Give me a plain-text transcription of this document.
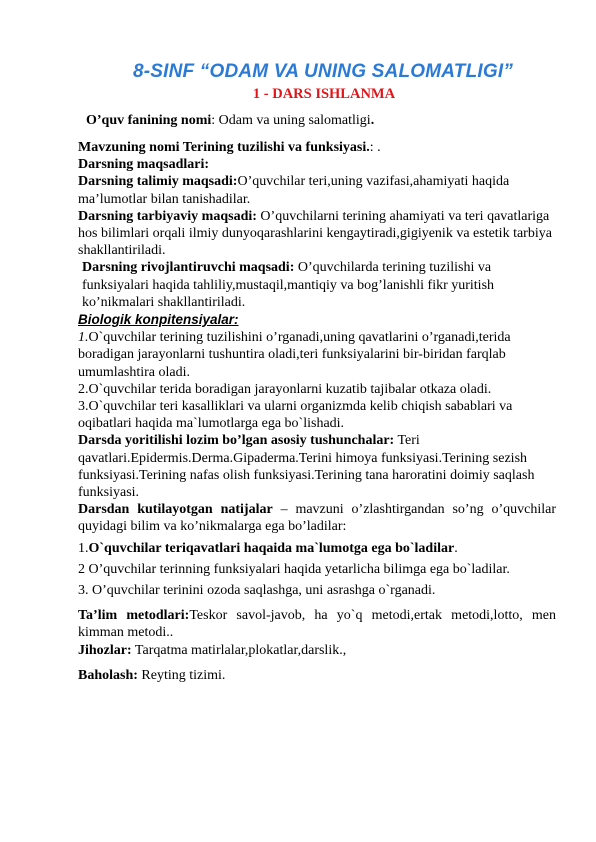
8-SINF “ODAM VA UNING SALOMATLIGI”
1 - DARS ISHLANMA
O’quv fanining nomi: Odam va uning salomatligi.

Mavzuning nomi Terining tuzilishi va funksiyasi.: .

Darsning maqsadlari:

Darsning talimiy maqsadi:O’quvchilar teri,uning vazifasi,ahamiyati haqida ma’lumotlar bilan tanishadilar.

Darsning tarbiyaviy maqsadi: O’quvchilarni terining ahamiyati va teri qavatlariga hos bilimlari orqali ilmiy dunyoqarashlarini kengaytiradi,gigiyenik va estetik tarbiya shakllantiriladi.

Darsning rivojlantiruvchi maqsadi: O’quvchilarda terining tuzilishi va funksiyalari haqida tahliliy,mustaqil,mantiqiy va bog’lanishli fikr yuritish ko’nikmalari shakllantiriladi.

Biologik konpitensiyalar:

1.O`quvchilar terining tuzilishini o’rganadi,uning qavatlarini o’rganadi,terida boradigan jarayonlarni tushuntira oladi,teri funksiyalarini bir-biridan farqlab umumlashtira oladi.

2.O`quvchilar terida boradigan jarayonlarni kuzatib tajibalar otkaza oladi.

3.O`quvchilar teri kasalliklari va ularni organizmda kelib chiqish sabablari va oqibatlari haqida ma`lumotlarga ega bo`lishadi.

Darsda yoritilishi lozim bo’lgan asosiy tushunchalar: Teri qavatlari.Epidermis.Derma.Gipaderma.Terini himoya funksiyasi.Terining sezish funksiyasi.Terining nafas olish funksiyasi.Terining tana haroratini doimiy saqlash funksiyasi.

Darsdan kutilayotgan natijalar – mavzuni o’zlashtirgandan so’ng o’quvchilar quyidagi bilim va ko’nikmalarga ega bo’ladilar:

1.O`quvchilar teriqavatlari haqaida ma`lumotga ega bo`ladilar.

2 O’quvchilar terinning funksiyalari haqida yetarlicha bilimga ega bo`ladilar.

3. O’quvchilar terinini ozoda saqlashga, uni asrashga o`rganadi.

Ta’lim metodlari:Teskor savol-javob, ha yo`q metodi,ertak metodi,lotto, men kimman metodi..

Jihozlar: Tarqatma matirlalar,plokatlar,darslik.,

Baholash: Reyting tizimi.
